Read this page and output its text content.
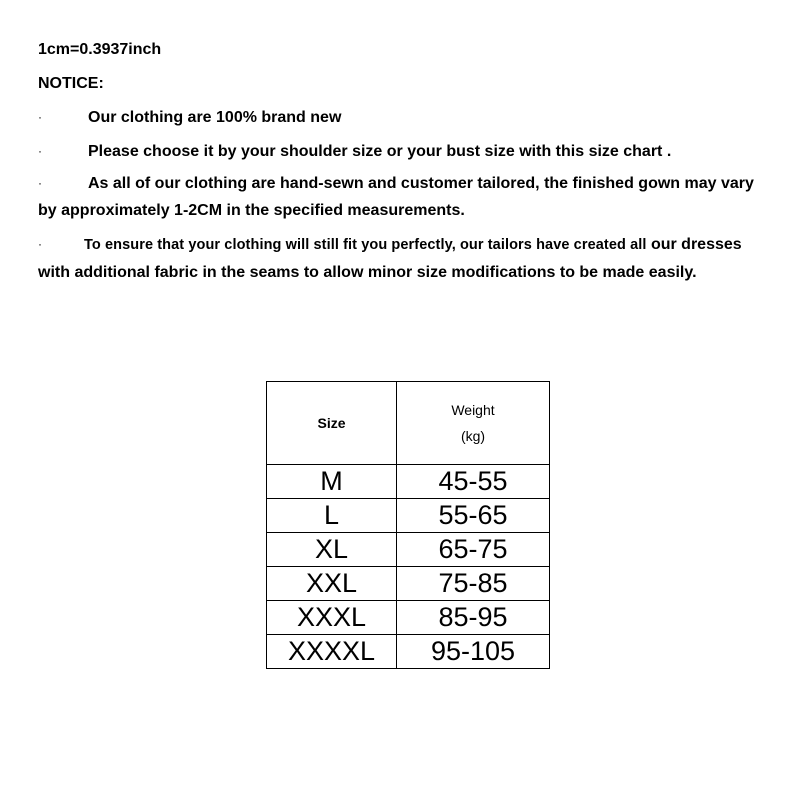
1cm=0.3937inch
NOTICE:
·	Our clothing are 100% brand new
·	Please choose it by your shoulder size or your bust size with this size chart .
·	As all of our clothing are hand-sewn and customer tailored, the finished gown may vary by approximately 1-2CM in the specified measurements.
·	To ensure that your clothing will still fit you perfectly, our tailors have created all our dresses with additional fabric in the seams to allow minor size modifications to be made easily.
Size	Weight
(kg)
M	45-55
L	55-65
XL	65-75
XXL	75-85
XXXL	85-95
XXXXL	95-105
